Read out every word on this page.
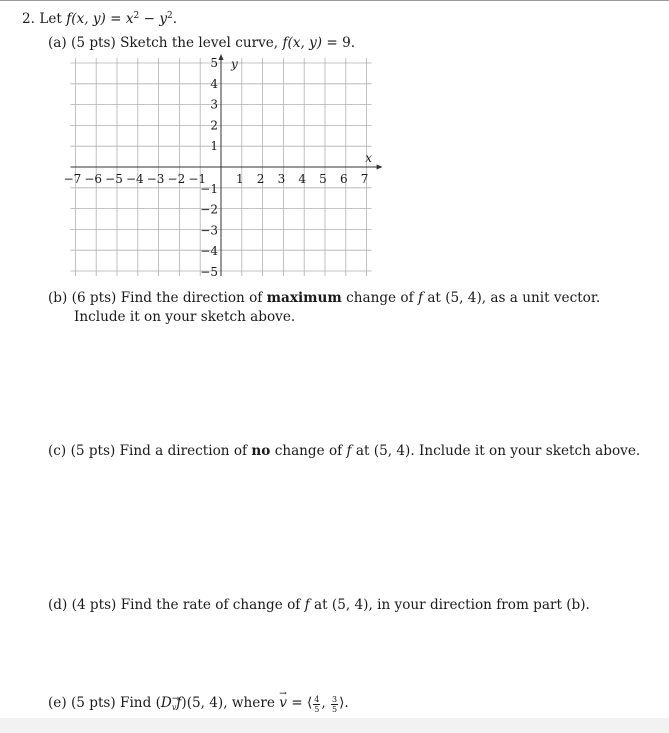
2. Let f(x, $y) = x^2 - y^2$.
(a) (5 pts) Sketch the level curve, f(x, y) = 9.
x
y
−7 −6 −5 −4 −3 −2 −1 1 2 3 4 5 6 7
5
4
3
2
1
−1
−2
−3
−4
−5
(b) (6 pts) Find the direction of maximum change of f at (5, 4), as a unit vector.
Include it on your sketch above.
(c) (5 pts) Find a direction of no change of f at (5, 4). Include it on your sketch above.
(d) (4 pts) Find the rate of change of f at (5, 4), in your direction from part (b).
(e) (5 pts) Find $(D_vf)(5$, 4), where → v = ⟨ $\frac{4}{5}$ , $\frac{3}{5}$ ⟩.
